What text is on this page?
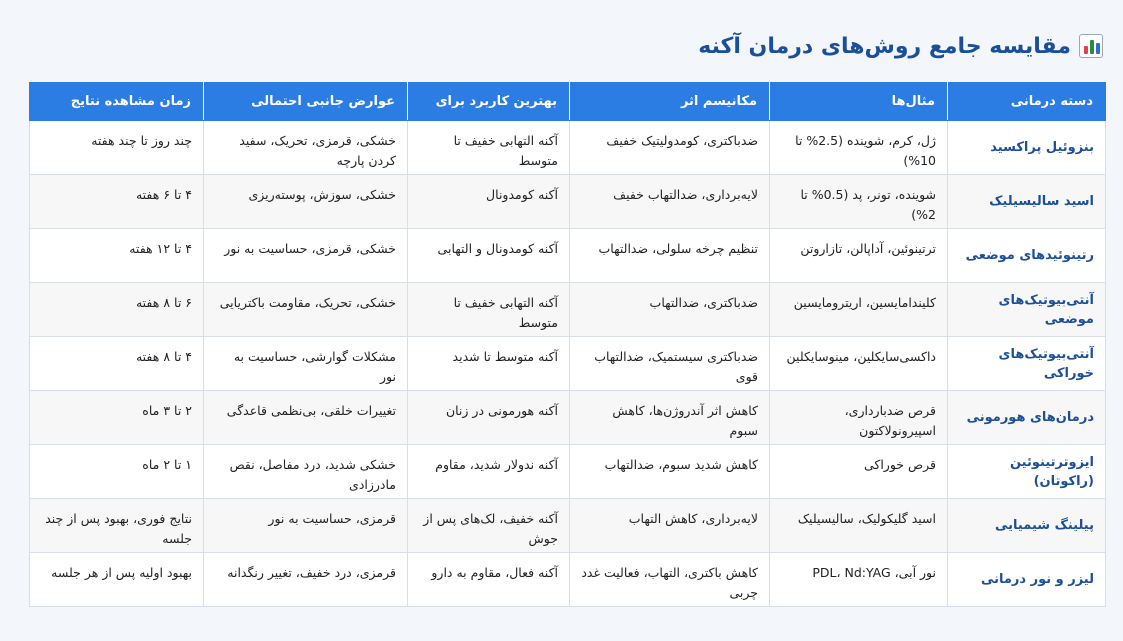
مقایسه جامع روش‌های درمان آکنه
دسته درمانی	مثال‌ها	مکانیسم اثر	بهترین کاربرد برای	عوارض جانبی احتمالی	زمان مشاهده نتایج
بنزوئیل پراکسید	ژل، کرم، شوینده (2.5% تا 10%)	ضدباکتری، کومدولیتیک خفیف	آکنه التهابی خفیف تا متوسط	خشکی، قرمزی، تحریک، سفید کردن پارچه	چند روز تا چند هفته
اسید سالیسیلیک	شوینده، تونر، پد (0.5% تا 2%)	لایه‌برداری، ضدالتهاب خفیف	آکنه کومدونال	خشکی، سوزش، پوسته‌ریزی	۴ تا ۶ هفته
رتینوئیدهای موضعی	ترتینوئین، آداپالن، تازاروتن	تنظیم چرخه سلولی، ضدالتهاب	آکنه کومدونال و التهابی	خشکی، قرمزی، حساسیت به نور	۴ تا ۱۲ هفته
آنتی‌بیوتیک‌های موضعی	کلیندامایسین، اریترومایسین	ضدباکتری، ضدالتهاب	آکنه التهابی خفیف تا متوسط	خشکی، تحریک، مقاومت باکتریایی	۶ تا ۸ هفته
آنتی‌بیوتیک‌های خوراکی	داکسی‌سایکلین، مینوسایکلین	ضدباکتری سیستمیک، ضدالتهاب قوی	آکنه متوسط تا شدید	مشکلات گوارشی، حساسیت به نور	۴ تا ۸ هفته
درمان‌های هورمونی	قرص ضدبارداری، اسپیرونولاکتون	کاهش اثر آندروژن‌ها، کاهش سبوم	آکنه هورمونی در زنان	تغییرات خلقی، بی‌نظمی قاعدگی	۲ تا ۳ ماه
ایزوترتینوئین (راکوتان)	قرص خوراکی	کاهش شدید سبوم، ضدالتهاب	آکنه ندولار شدید، مقاوم	خشکی شدید، درد مفاصل، نقص مادرزادی	۱ تا ۲ ماه
پیلینگ شیمیایی	اسید گلیکولیک، سالیسیلیک	لایه‌برداری، کاهش التهاب	آکنه خفیف، لک‌های پس از جوش	قرمزی، حساسیت به نور	نتایج فوری، بهبود پس از چند جلسه
لیزر و نور درمانی	نور آبی، PDL، Nd:YAG	کاهش باکتری، التهاب، فعالیت غدد چربی	آکنه فعال، مقاوم به دارو	قرمزی، درد خفیف، تغییر رنگدانه	بهبود اولیه پس از هر جلسه
